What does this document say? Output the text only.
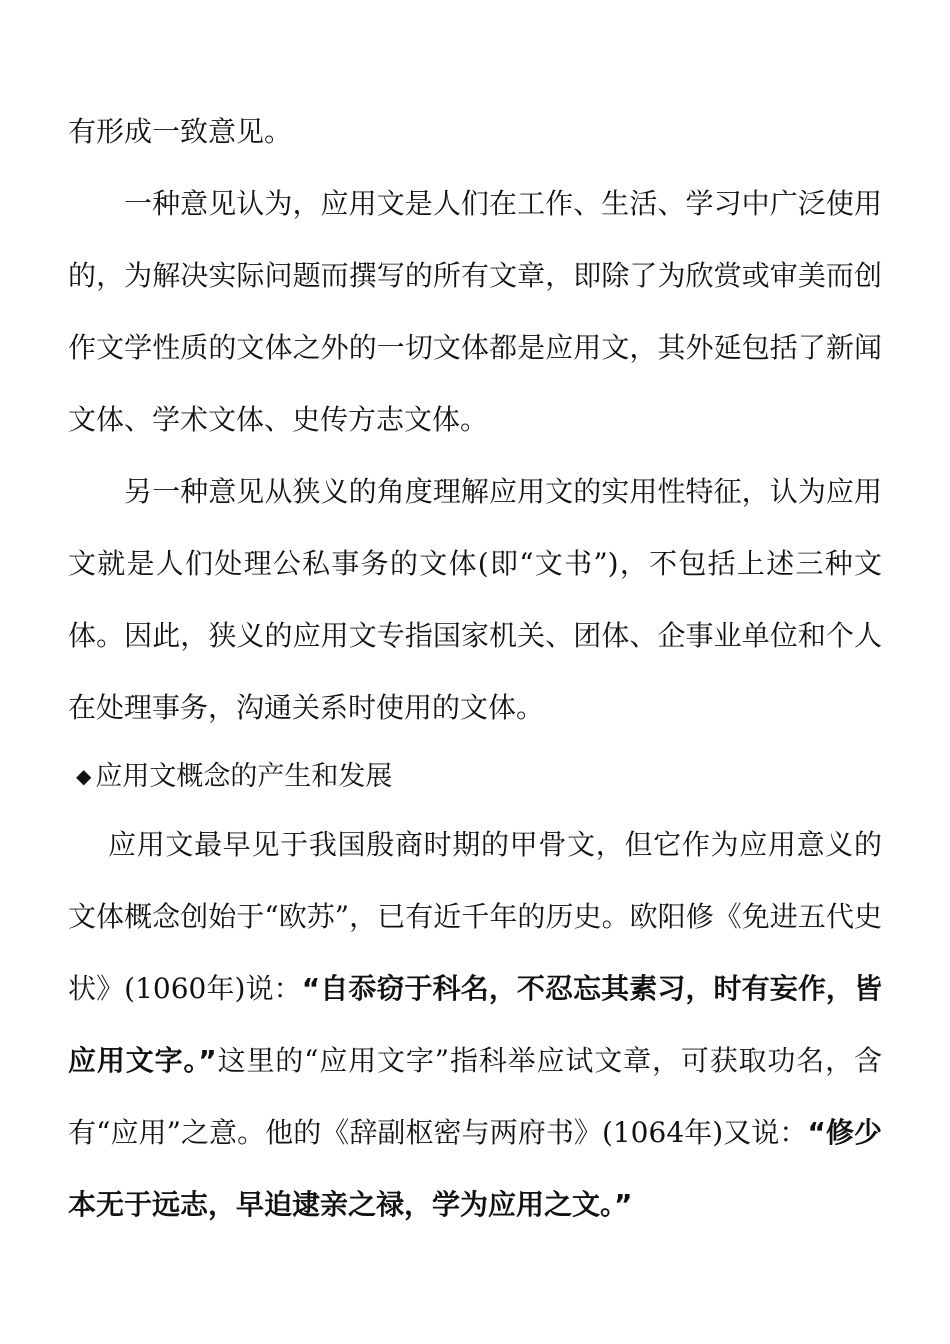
有形成一致意见。

一种意见认为，应用文是人们在工作、生活、学习中广泛使用的，为解决实际问题而撰写的所有文章，即除了为欣赏或审美而创作文学性质的文体之外的一切文体都是应用文，其外延包括了新闻文体、学术文体、史传方志文体。

另一种意见从狭义的角度理解应用文的实用性特征，认为应用文就是人们处理公私事务的文体(即“文书”)，不包括上述三种文体。因此，狭义的应用文专指国家机关、团体、企事业单位和个人在处理事务，沟通关系时使用的文体。

◆ 应用文概念的产生和发展

应用文最早见于我国殷商时期的甲骨文，但它作为应用意义的文体概念创始于“欧苏”，已有近千年的历史。欧阳修《免进五代史状》(1060年)说：“自忝窃于科名，不忍忘其素习，时有妄作，皆应用文字。”这里的“应用文字”指科举应试文章，可获取功名，含有“应用”之意。他的《辞副枢密与两府书》(1064年)又说：“修少本无于远志，早迫逮亲之禄，学为应用之文。”
